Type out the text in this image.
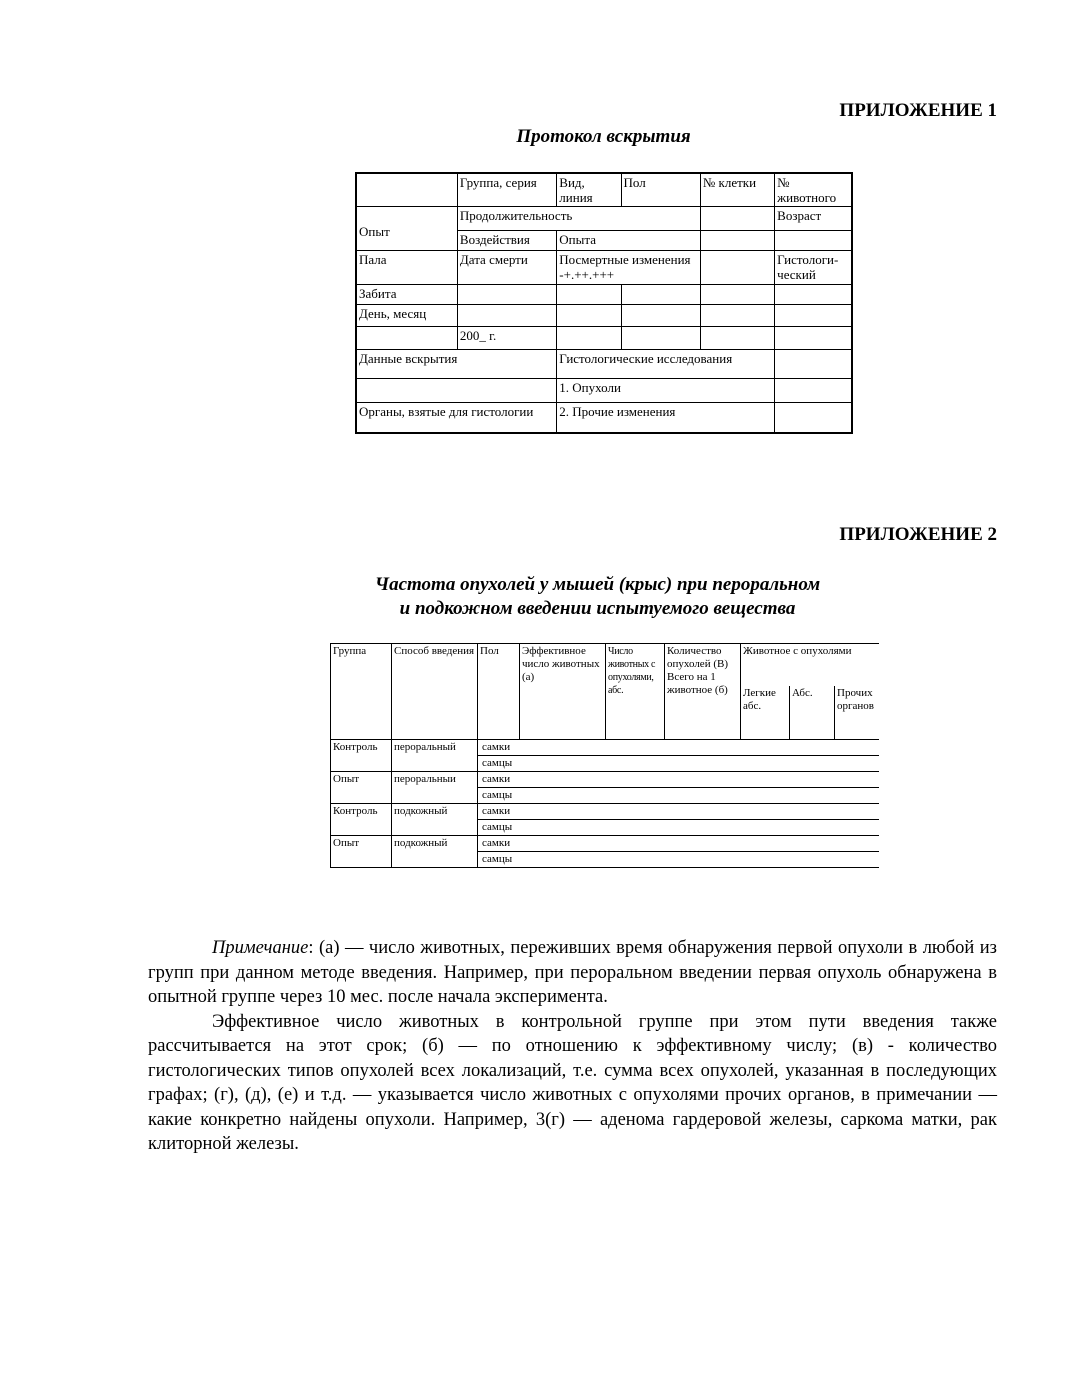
ПРИЛОЖЕНИЕ 1
Протокол вскрытия
	Группа, серия	Вид, линия	Пол	№ клетки	№ животного
Опыт	Продолжительность				Возраст
	Воздействия	Опыта			
Пала	Дата смерти	Посмертные изменения -+.++.+++			Гистологи-ческий
Забита					
День, месяц					
	200_ г.				
Данные вскрытия		Гистологические исследования			
		1. Опухоли			
Органы, взятые для гистологии		2. Прочие изменения			
ПРИЛОЖЕНИЕ 2
Частота опухолей у мышей (крыс) при пероральном
и подкожном введении испытуемого вещества
Группа	Способ введения	Пол	Эффективное число животных (а)	Число животных с опухолями, абс.	Количество опухолей (В) Всего на 1 животное (б)	Животное с опухолями		
						Легкие абс.	Абс.	Прочих органов
Контроль	пероральный	самки						
		самцы						
Опыт	пероральныи	самки						
		самцы						
Контроль	подкожный	самки						
		самцы						
Опыт	подкожный	самки						
		самцы						

Примечание: (а) — число животных, переживших время обнаружения первой опухоли в любой из групп при данном методе введения. Например, при пероральном введении первая опухоль обнаружена в опытной группе через 10 мес. после начала эксперимента.

Эффективное число животных в контрольной группе при этом пути введения также рассчитывается на этот срок; (б) — по отношению к эффективному числу; (в) - количество гистологических типов опухолей всех локализаций, т.е. сумма всех опухолей, указанная в последующих графах; (г), (д), (е) и т.д. — указывается число животных с опухолями прочих органов, в примечании — какие конкретно найдены опухоли. Например, 3(г) — аденома гардеровой железы, саркома матки, рак клиторной железы.
